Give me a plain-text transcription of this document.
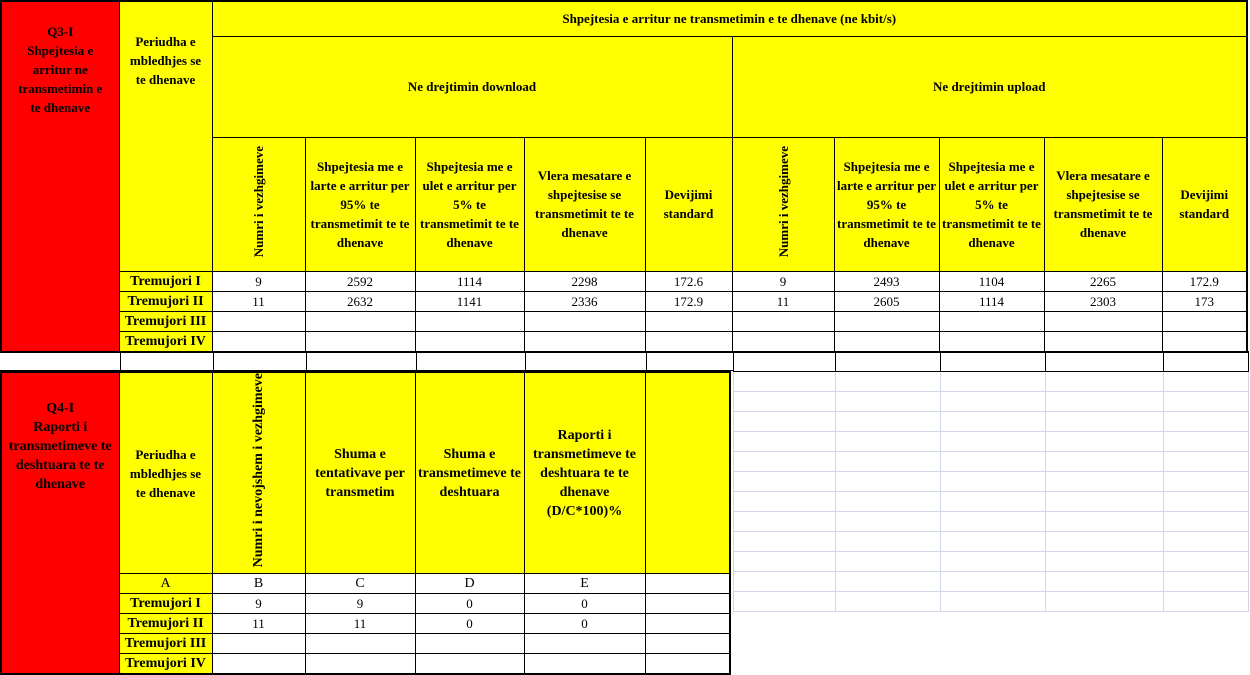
Q3-I
Shpejtesia e arritur ne transmetimin e te dhenave	Periudha e mbledhjes se te dhenave	Shpejtesia e arritur ne transmetimin e te dhenave (ne kbit/s)									
		Ne drejtimin download					Ne drejtimin upload				
		Numri i vezhgimeve	Shpejtesia me e larte e arritur per 95% te transmetimit te te dhenave	Shpejtesia me e ulet e arritur per 5% te transmetimit te te dhenave	Vlera mesatare e shpejtesise se transmetimit te te dhenave	Devijimi standard	Numri i vezhgimeve	Shpejtesia me e larte e arritur per 95% te transmetimit te te dhenave	Shpejtesia me e ulet e arritur per 5% te transmetimit te te dhenave	Vlera mesatare e shpejtesise se transmetimit te te dhenave	Devijimi standard
	Tremujori I	9	2592	1114	2298	172.6	9	2493	1104	2265	172.9
	Tremujori II	11	2632	1141	2336	172.9	11	2605	1114	2303	173
	Tremujori III										
	Tremujori IV										

Q4-I
Raporti i transmetimeve te deshtuara te te dhenave	Periudha e mbledhjes se te dhenave	Numri i nevojshem i vezhgimeve	Shuma e tentativave per transmetim	Shuma e transmetimeve te deshtuara	Raporti i transmetimeve te deshtuara te te dhenave (D/C*100)%	
	A	B	C	D	E	
	Tremujori I	9	9	0	0	
	Tremujori II	11	11	0	0	
	Tremujori III					
	Tremujori IV					
